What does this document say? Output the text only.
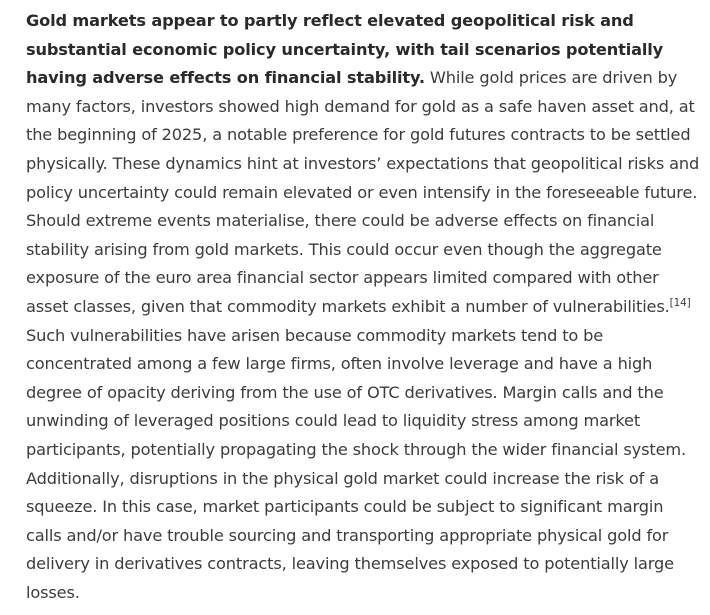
Gold markets appear to partly reflect elevated geopolitical risk and substantial economic policy uncertainty, with tail scenarios potentially having adverse effects on financial stability. While gold prices are driven by many factors, investors showed high demand for gold as a safe haven asset and, at the beginning of 2025, a notable preference for gold futures contracts to be settled physically. These dynamics hint at investors’ expectations that geopolitical risks and policy uncertainty could remain elevated or even intensify in the foreseeable future. Should extreme events materialise, there could be adverse effects on financial stability arising from gold markets. This could occur even though the aggregate exposure of the euro area financial sector appears limited compared with other asset classes, given that commodity markets exhibit a number of vulnerabilities.[14] Such vulnerabilities have arisen because commodity markets tend to be concentrated among a few large firms, often involve leverage and have a high degree of opacity deriving from the use of OTC derivatives. Margin calls and the unwinding of leveraged positions could lead to liquidity stress among market participants, potentially propagating the shock through the wider financial system. Additionally, disruptions in the physical gold market could increase the risk of a squeeze. In this case, market participants could be subject to significant margin calls and/or have trouble sourcing and transporting appropriate physical gold for delivery in derivatives contracts, leaving themselves exposed to potentially large losses.
